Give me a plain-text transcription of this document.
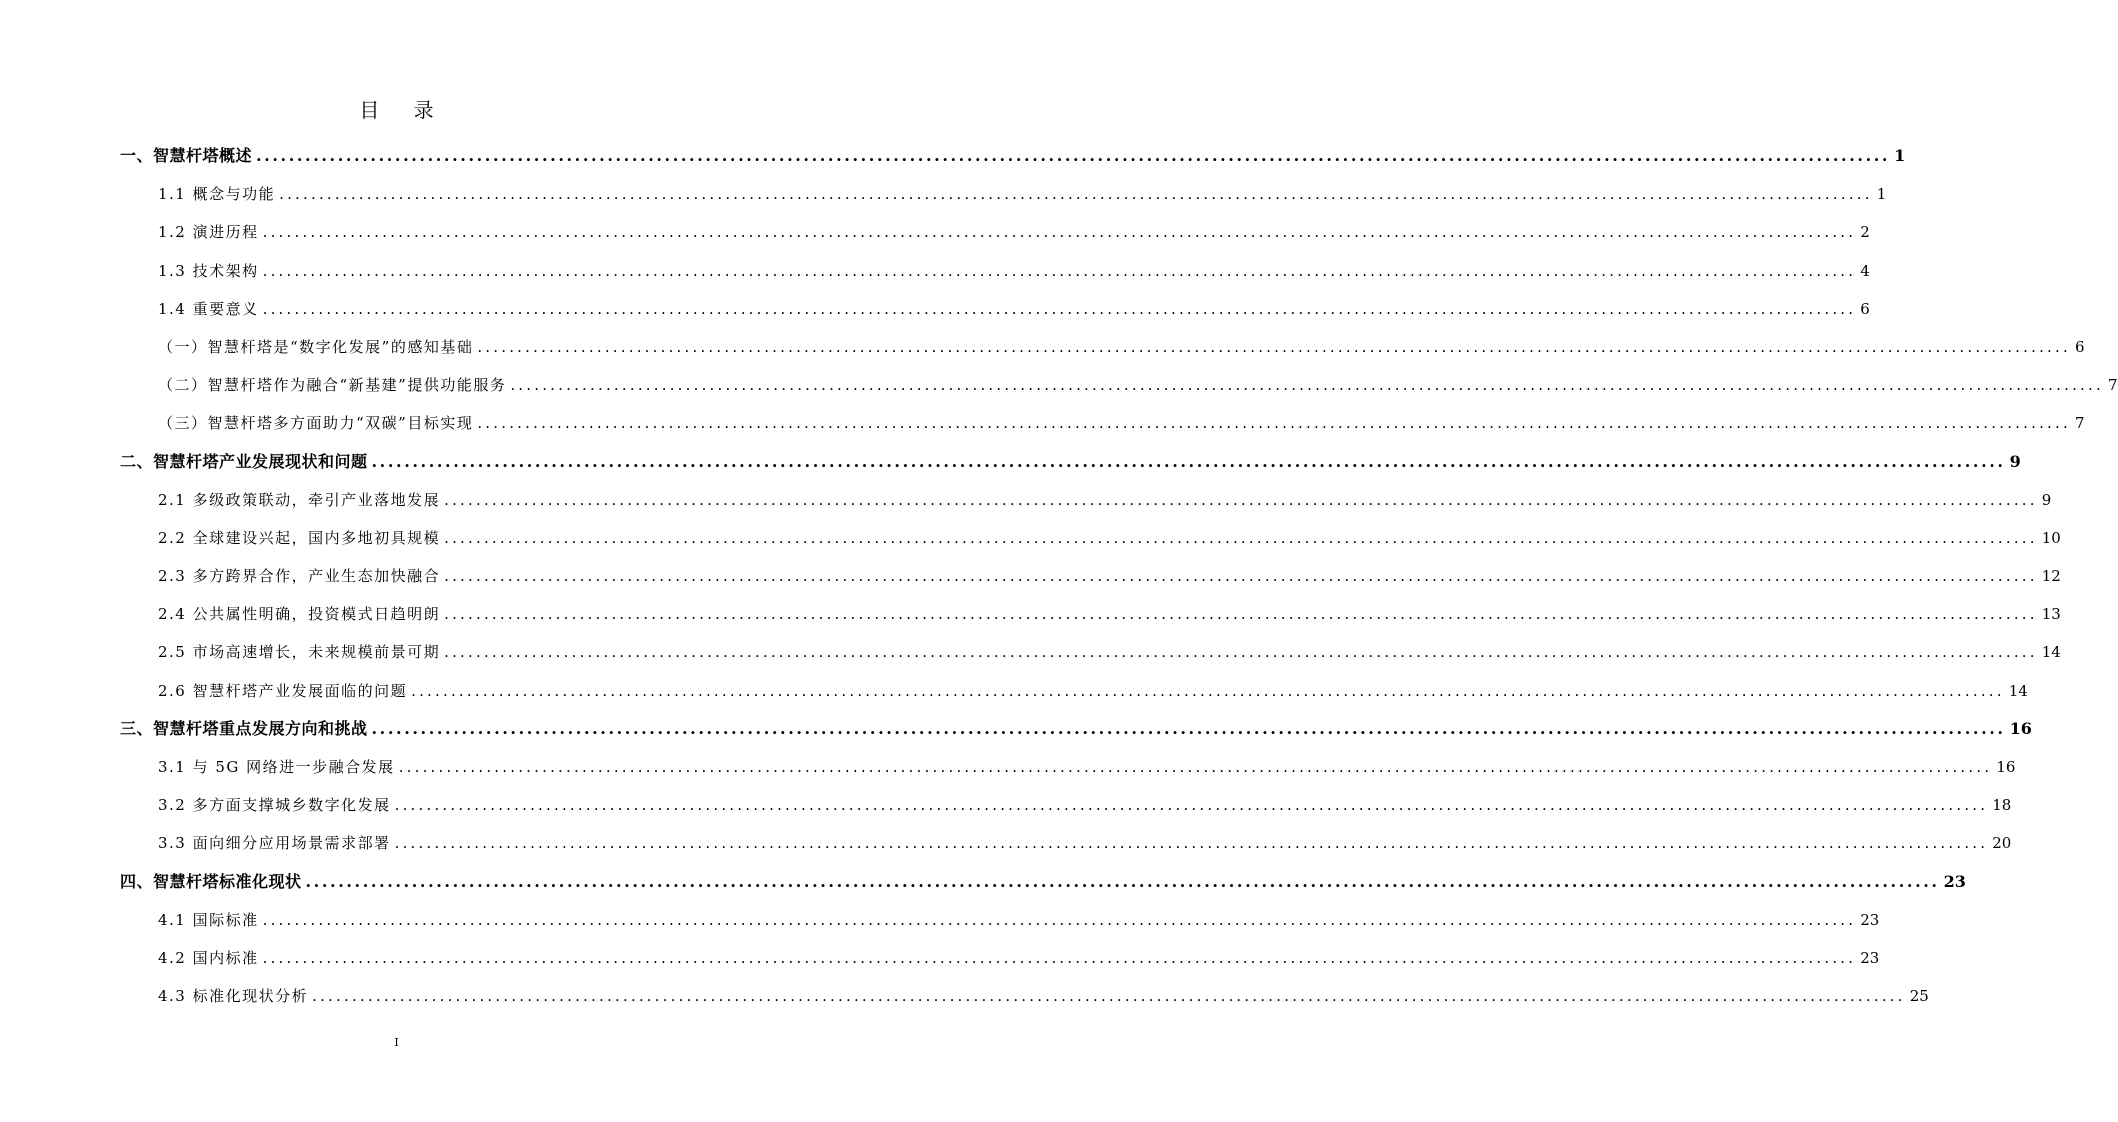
目 录
一、智慧杆塔概述 ........................................................................................................................................................................................................ 1
1.1 概念与功能 ........................................................................................................................................................................................................ 1
1.2 演进历程 ........................................................................................................................................................................................................ 2
1.3 技术架构 ........................................................................................................................................................................................................ 4
1.4 重要意义 ........................................................................................................................................................................................................ 6
（一）智慧杆塔是“数字化发展”的感知基础 ........................................................................................................................................................................................................ 6
（二）智慧杆塔作为融合“新基建”提供功能服务 ........................................................................................................................................................................................................ 7
（三）智慧杆塔多方面助力“双碳”目标实现 ........................................................................................................................................................................................................ 7
二、智慧杆塔产业发展现状和问题 ........................................................................................................................................................................................................ 9
2.1 多级政策联动，牵引产业落地发展 ........................................................................................................................................................................................................ 9
2.2 全球建设兴起，国内多地初具规模 ........................................................................................................................................................................................................ 10
2.3 多方跨界合作，产业生态加快融合 ........................................................................................................................................................................................................ 12
2.4 公共属性明确，投资模式日趋明朗 ........................................................................................................................................................................................................ 13
2.5 市场高速增长，未来规模前景可期 ........................................................................................................................................................................................................ 14
2.6 智慧杆塔产业发展面临的问题 ........................................................................................................................................................................................................ 14
三、智慧杆塔重点发展方向和挑战 ........................................................................................................................................................................................................ 16
3.1 与 5G 网络进一步融合发展 ........................................................................................................................................................................................................ 16
3.2 多方面支撑城乡数字化发展 ........................................................................................................................................................................................................ 18
3.3 面向细分应用场景需求部署 ........................................................................................................................................................................................................ 20
四、智慧杆塔标准化现状 ........................................................................................................................................................................................................ 23
4.1 国际标准 ........................................................................................................................................................................................................ 23
4.2 国内标准 ........................................................................................................................................................................................................ 23
4.3 标准化现状分析 ........................................................................................................................................................................................................ 25
I
